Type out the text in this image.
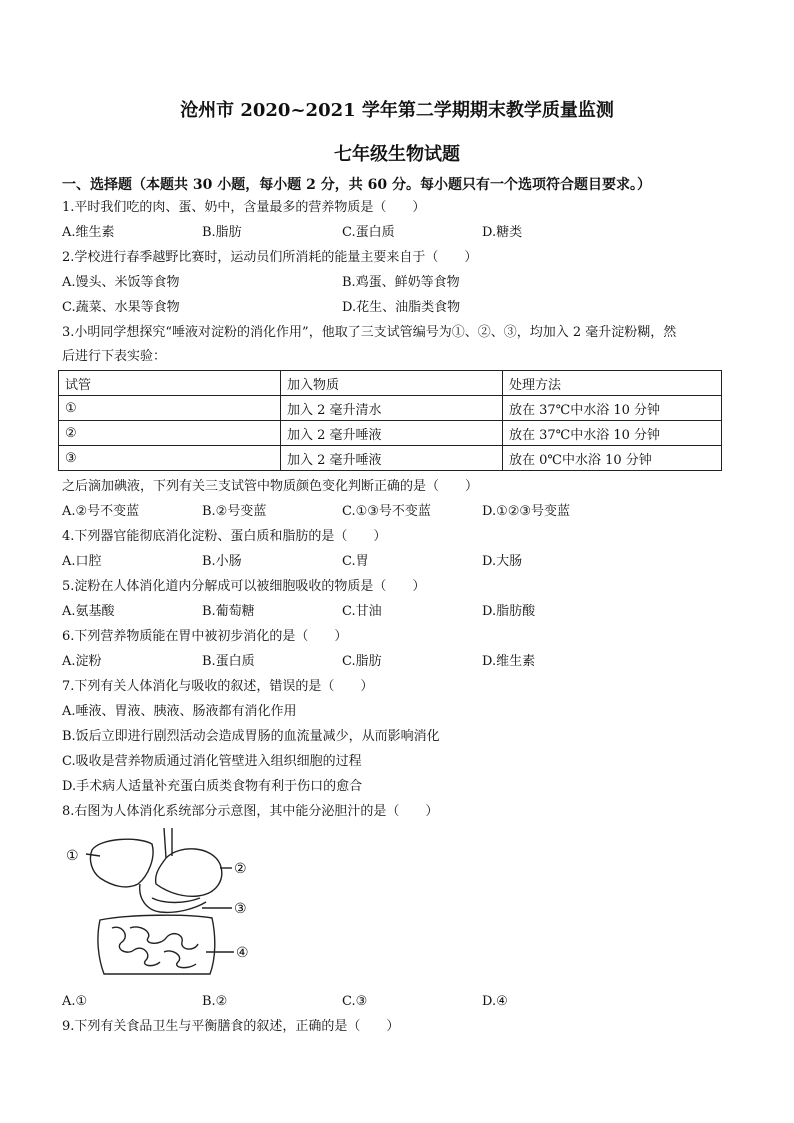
沧州市 2020~2021 学年第二学期期末教学质量监测
七年级生物试题
一、选择题（本题共 30 小题，每小题 2 分，共 60 分。每小题只有一个选项符合题目要求。）
1.平时我们吃的肉、蛋、奶中，含量最多的营养物质是（　　）
A.维生素	B.脂肪	C.蛋白质	D.糖类
2.学校进行春季越野比赛时，运动员们所消耗的能量主要来自于（　　）
A.馒头、米饭等食物	B.鸡蛋、鲜奶等食物
C.蔬菜、水果等食物	D.花生、油脂类食物
3.小明同学想探究“唾液对淀粉的消化作用”，他取了三支试管编号为①、②、③，均加入 2 毫升淀粉糊，然
后进行下表实验：
试管	加入物质	处理方法
①	加入 2 毫升清水	放在 37℃中水浴 10 分钟
②	加入 2 毫升唾液	放在 37℃中水浴 10 分钟
③	加入 2 毫升唾液	放在 0℃中水浴 10 分钟
之后滴加碘液，下列有关三支试管中物质颜色变化判断正确的是（　　）
A.②号不变蓝	B.②号变蓝	C.①③号不变蓝	D.①②③号变蓝
4.下列器官能彻底消化淀粉、蛋白质和脂肪的是（　　）
A.口腔	B.小肠	C.胃	D.大肠
5.淀粉在人体消化道内分解成可以被细胞吸收的物质是（　　）
A.氨基酸	B.葡萄糖	C.甘油	D.脂肪酸
6.下列营养物质能在胃中被初步消化的是（　　）
A.淀粉	B.蛋白质	C.脂肪	D.维生素
7.下列有关人体消化与吸收的叙述，错误的是（　　）
A.唾液、胃液、胰液、肠液都有消化作用
B.饭后立即进行剧烈活动会造成胃肠的血流量减少，从而影响消化
C.吸收是营养物质通过消化管壁进入组织细胞的过程
D.手术病人适量补充蛋白质类食物有利于伤口的愈合
8.右图为人体消化系统部分示意图，其中能分泌胆汁的是（　　）
①
②
③
④
A.①	B.②	C.③	D.④
9.下列有关食品卫生与平衡膳食的叙述，正确的是（　　）
